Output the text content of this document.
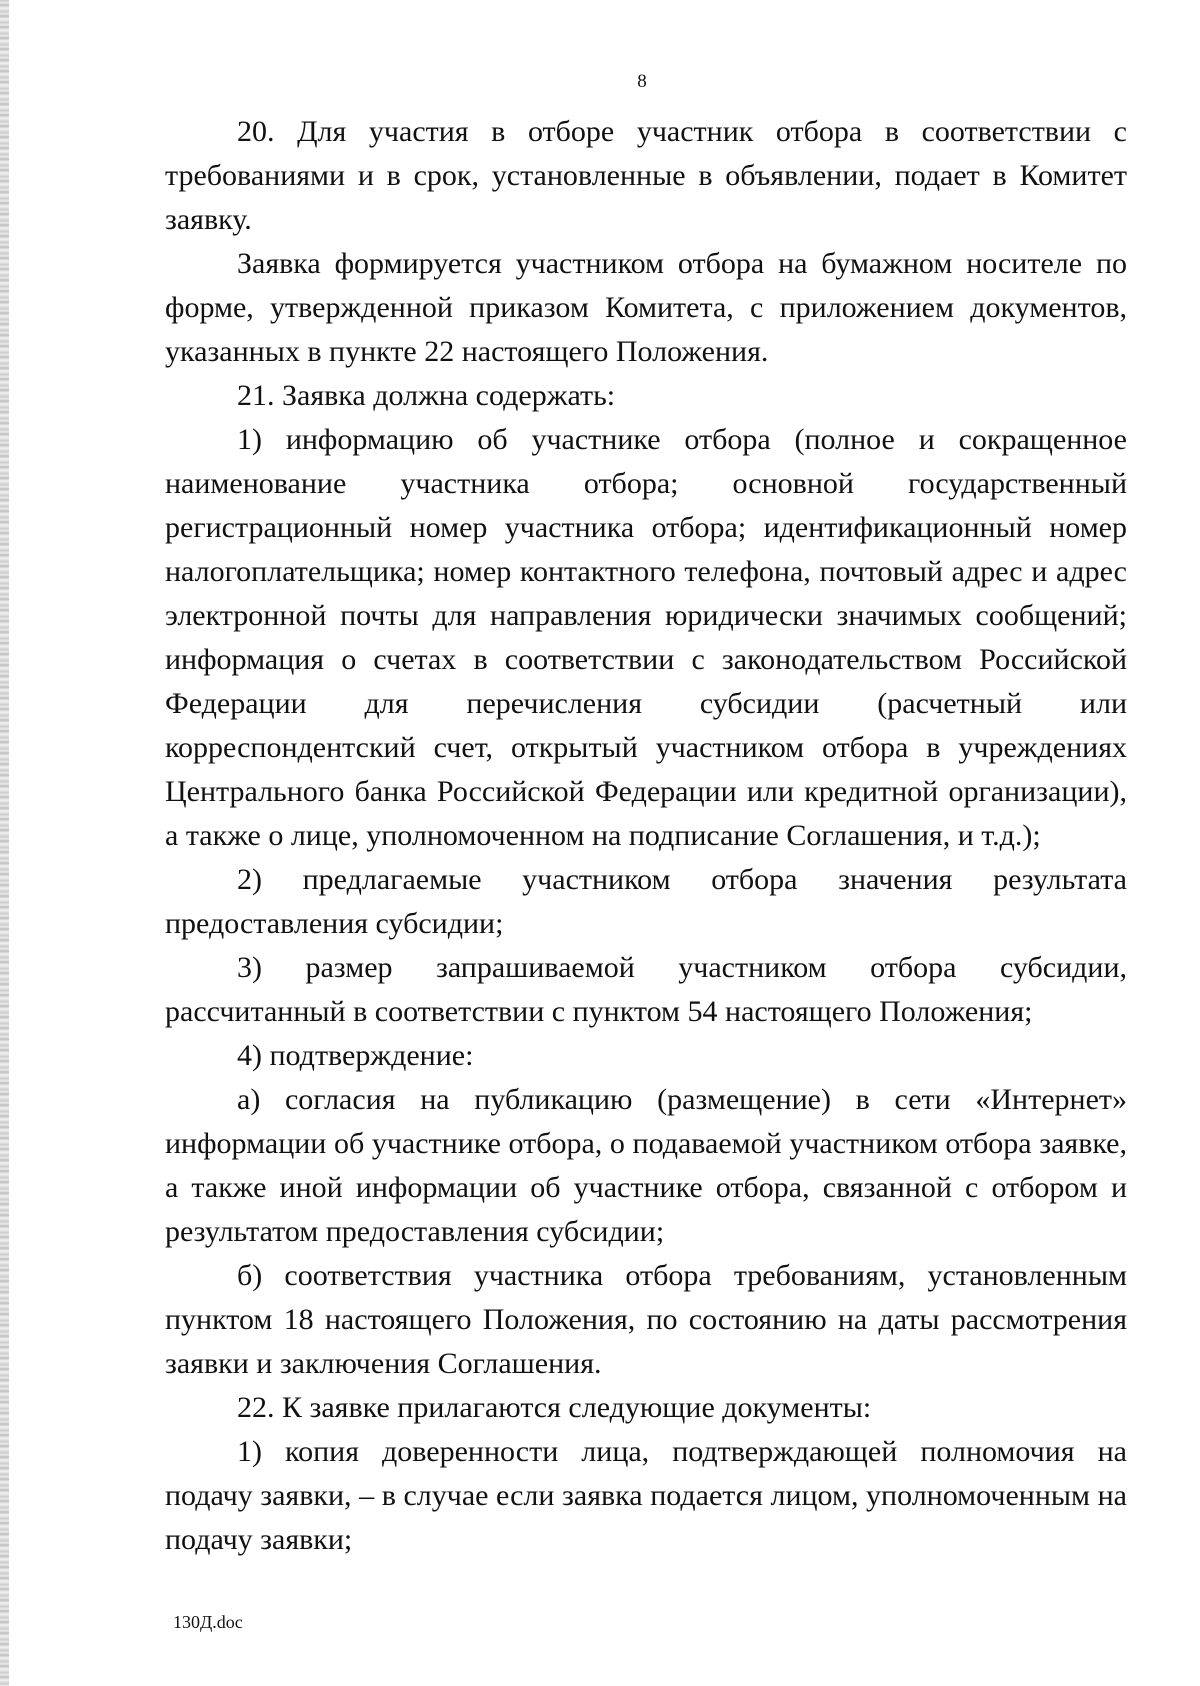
8

20. Для участия в отборе участник отбора в соответствии с требованиями и в срок, установленные в объявлении, подает в Комитет заявку.

Заявка формируется участником отбора на бумажном носителе по форме, утвержденной приказом Комитета, с приложением документов, указанных в пункте 22 настоящего Положения.

21. Заявка должна содержать:

1) информацию об участнике отбора (полное и сокращенное наименование участника отбора; основной государственный регистрационный номер участника отбора; идентификационный номер налогоплательщика; номер контактного телефона, почтовый адрес и адрес электронной почты для направления юридически значимых сообщений; информация о счетах в соответствии с законодательством Российской Федерации для перечисления субсидии (расчетный или корреспондентский счет, открытый участником отбора в учреждениях Центрального банка Российской Федерации или кредитной организации), а также о лице, уполномоченном на подписание Соглашения, и т.д.);

2) предлагаемые участником отбора значения результата предоставления субсидии;

3) размер запрашиваемой участником отбора субсидии, рассчитанный в соответствии с пунктом 54 настоящего Положения;

4) подтверждение:

а) согласия на публикацию (размещение) в сети «Интернет» информации об участнике отбора, о подаваемой участником отбора заявке, а также иной информации об участнике отбора, связанной с отбором и результатом предоставления субсидии;

б) соответствия участника отбора требованиям, установленным пунктом 18 настоящего Положения, по состоянию на даты рассмотрения заявки и заключения Соглашения.

22. К заявке прилагаются следующие документы:

1) копия доверенности лица, подтверждающей полномочия на подачу заявки, – в случае если заявка подается лицом, уполномоченным на подачу заявки;

130Д.doc
